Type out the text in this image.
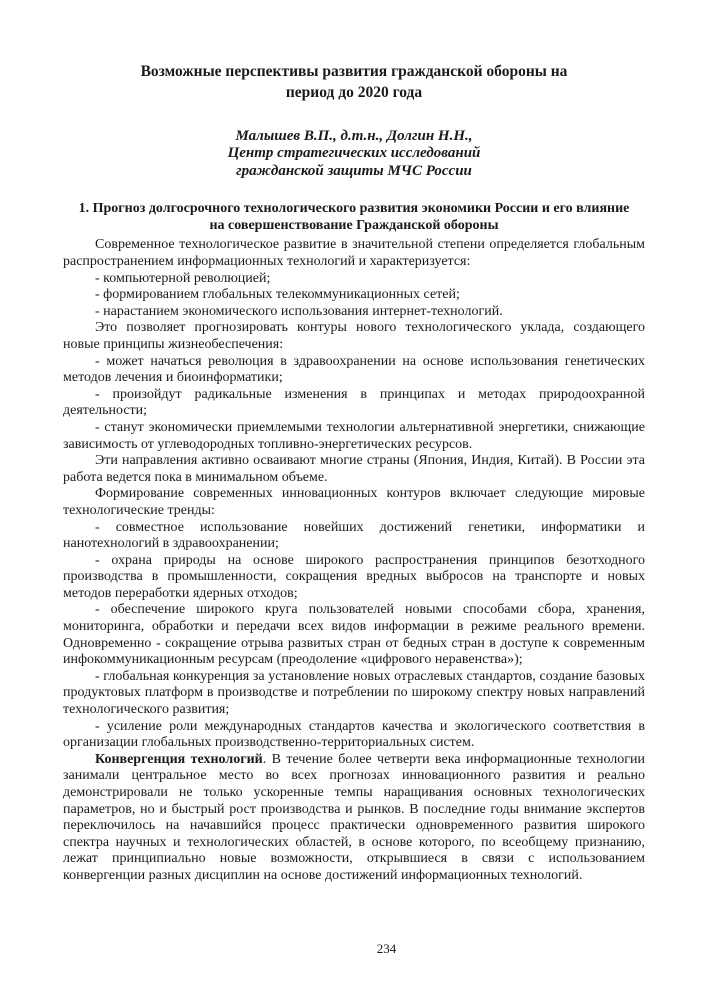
Возможные перспективы развития гражданской обороны на период до 2020 года
Малышев В.П., д.т.н., Долгин Н.Н.,
Центр стратегических исследований
гражданской защиты МЧС России
1. Прогноз долгосрочного технологического развития экономики России и его влияние на совершенствование Гражданской обороны

Современное технологическое развитие в значительной степени определяется глобальным распространением информационных технологий и характеризуется:

- компьютерной революцией;

- формированием глобальных телекоммуникационных сетей;

- нарастанием экономического использования интернет-технологий.

Это позволяет прогнозировать контуры нового технологического уклада, создающего новые принципы жизнеобеспечения:

- может начаться революция в здравоохранении на основе использования генетических методов лечения и биоинформатики;

- произойдут радикальные изменения в принципах и методах природоохранной деятельности;

- станут экономически приемлемыми технологии альтернативной энергетики, снижающие зависимость от углеводородных топливно-энергетических ресурсов.

Эти направления активно осваивают многие страны (Япония, Индия, Китай). В России эта работа ведется пока в минимальном объеме.

Формирование современных инновационных контуров включает следующие мировые технологические тренды:

- совместное использование новейших достижений генетики, информатики и нанотехнологий в здравоохранении;

- охрана природы на основе широкого распространения принципов безотходного производства в промышленности, сокращения вредных выбросов на транспорте и новых методов переработки ядерных отходов;

- обеспечение широкого круга пользователей новыми способами сбора, хранения, мониторинга, обработки и передачи всех видов информации в режиме реального времени. Одновременно - сокращение отрыва развитых стран от бедных стран в доступе к современным инфокоммуникационным ресурсам (преодоление «цифрового неравенства»);

- глобальная конкуренция за установление новых отраслевых стандартов, создание базовых продуктовых платформ в производстве и потреблении по широкому спектру новых направлений технологического развития;

- усиление роли международных стандартов качества и экологического соответствия в организации глобальных производственно-территориальных систем.

Конвергенция технологий. В течение более четверти века информационные технологии занимали центральное место во всех прогнозах инновационного развития и реально демонстрировали не только ускоренные темпы наращивания основных технологических параметров, но и быстрый рост производства и рынков. В последние годы внимание экспертов переключилось на начавшийся процесс практически одновременного развития широкого спектра научных и технологических областей, в основе которого, по всеобщему признанию, лежат принципиально новые возможности, открывшиеся в связи с использованием конвергенции разных дисциплин на основе достижений информационных технологий.

234
